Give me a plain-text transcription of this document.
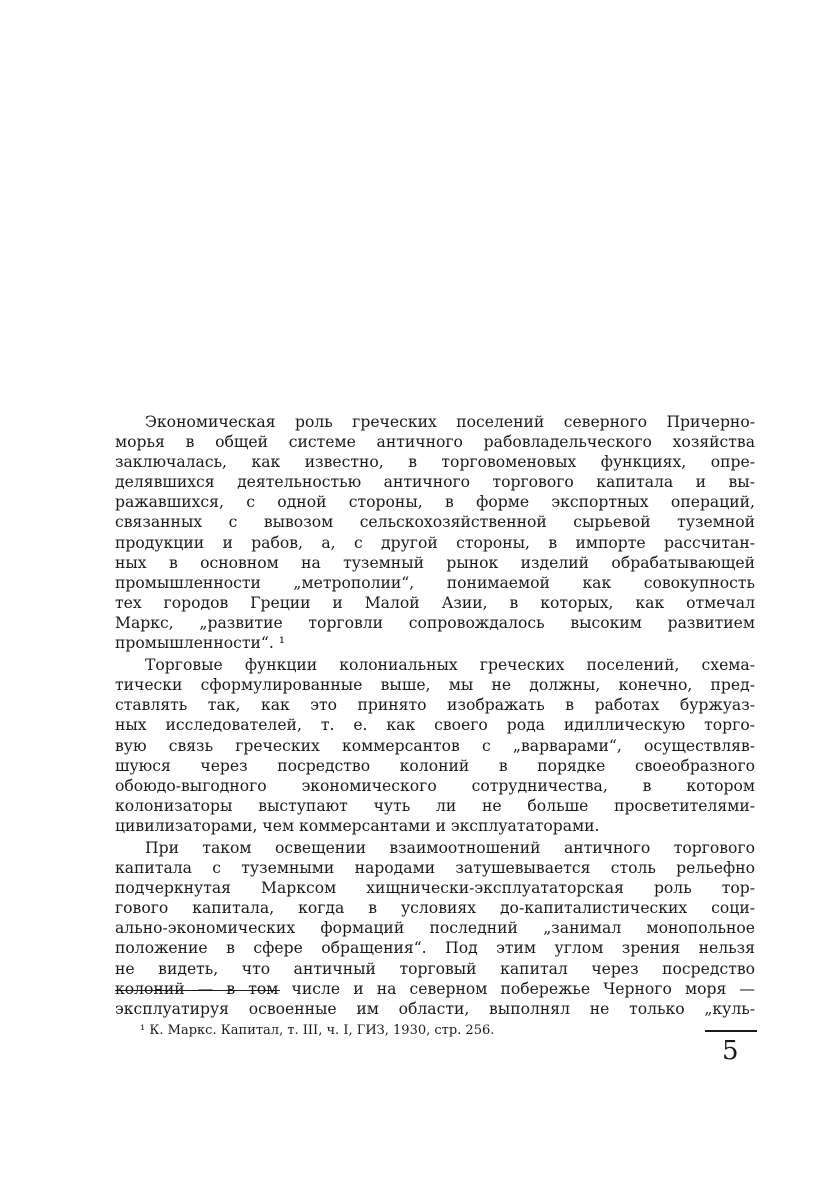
Экономическая роль греческих поселений северного Причерно-
морья в общей системе античного рабовладельческого хозяйства
заключалась, как известно, в торговоменовых функциях, опре-
делявшихся деятельностью античного торгового капитала и вы-
ражавшихся, с одной стороны, в форме экспортных операций,
связанных с вывозом сельскохозяйственной сырьевой туземной
продукции и рабов, а, с другой стороны, в импорте рассчитан-
ных в основном на туземный рынок изделий обрабатывающей
промышленности „метрополии“, понимаемой как совокупность
тех городов Греции и Малой Азии, в которых, как отмечал
Маркс, „развитие торговли сопровождалось высоким развитием
промышленности“. ¹
Торговые функции колониальных греческих поселений, схема-
тически сформулированные выше, мы не должны, конечно, пред-
ставлять так, как это принято изображать в работах буржуаз-
ных исследователей, т. е. как своего рода идиллическую торго-
вую связь греческих коммерсантов с „варварами“, осуществляв-
шуюся через посредство колоний в порядке своеобразного
обоюдо-выгодного экономического сотрудничества, в котором
колонизаторы выступают чуть ли не больше просветителями-
цивилизаторами, чем коммерсантами и эксплуататорами.
При таком освещении взаимоотношений античного торгового
капитала с туземными народами затушевывается столь рельефно
подчеркнутая Марксом хищнически-эксплуататорская роль тор-
гового капитала, когда в условиях до-капиталистических соци-
ально-экономических формаций последний „занимал монопольное
положение в сфере обращения“. Под этим углом зрения нельзя
не видеть, что античный торговый капитал через посредство
колоний — в том числе и на северном побережье Черного моря —
эксплуатируя освоенные им области, выполнял не только „куль-
¹ К. Маркс. Капитал, т. III, ч. I, ГИЗ, 1930, стр. 256.
5
